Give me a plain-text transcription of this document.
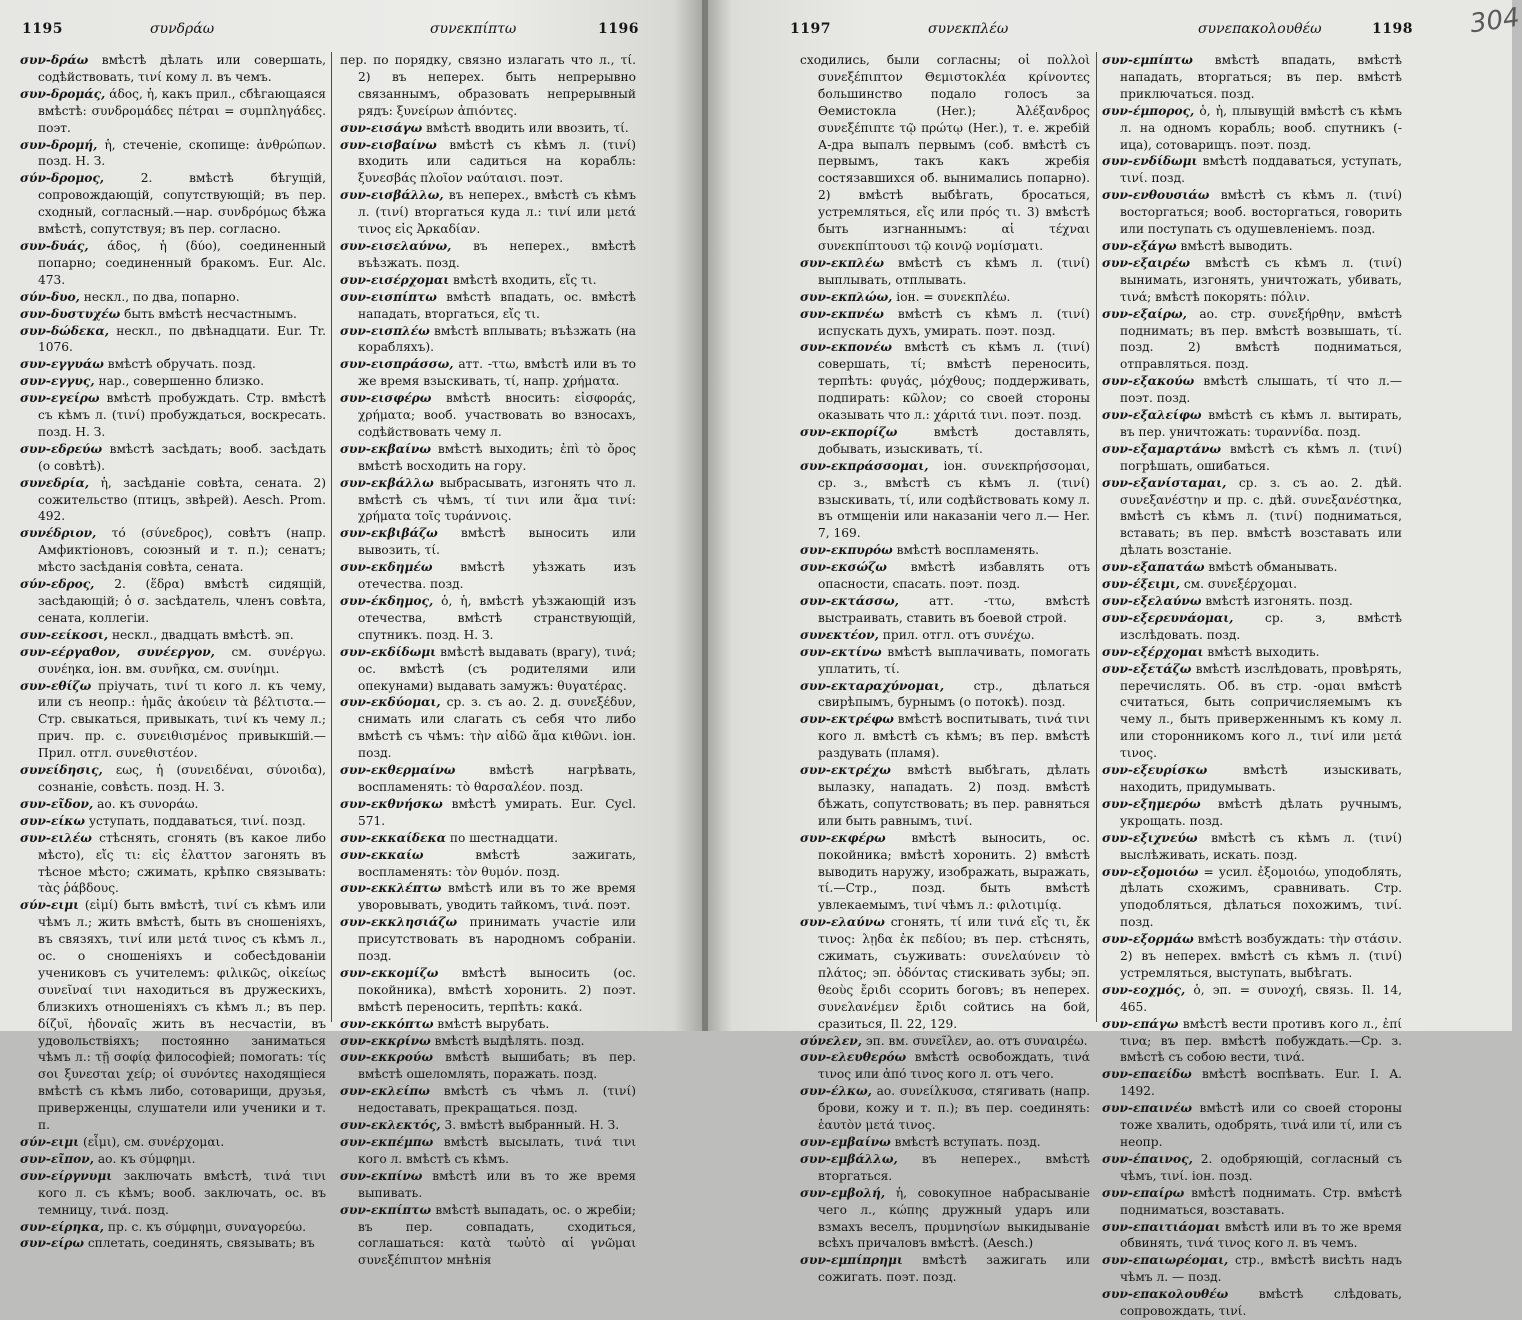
1195	συνδράω	συνεκπίπτω	1196

συν-δράω вмѣстѣ дѣлать или совершать, содѣйствовать, τινί кому л. въ чемъ.

συν-δρομάς, άδος, ἡ, какъ прил., сбѣгающаяся вмѣстѣ: συνδρομάδες πέτραι = συμπληγάδες. поэт.

συν-δρομή, ἡ, стеченіе, скопище: ἀνθρώπων. позд. Н. З.

σύν-δρομος,	2. вмѣстѣ бѣгущій, сопровождающій, сопутствующій; въ пер. сходный, согласный.—нар. συνδρόμως бѣжа вмѣстѣ, сопутствуя; въ пер. согласно.

συν-δυάς, άδος, ἡ (δύο), соединенный попарно; соединенный бракомъ. Eur. Alc. 473.

σύν-δυο, нескл., по два, попарно.

συν-δυστυχέω быть вмѣстѣ несчастнымъ.

συν-δώδεκα, нескл., по двѣнадцати. Eur. Tr. 1076.

συν-εγγυάω вмѣстѣ обручать. позд.

συν-εγγυς, нар., совершенно близко.

συν-εγείρω вмѣстѣ пробуждать. Стр. вмѣстѣ съ кѣмъ л. (τινί) пробуждаться, воскресать. позд. Н. З.

συν-εδρεύω вмѣстѣ засѣдать; вооб. засѣдать (о совѣтѣ).

συνεδρία, ἡ, засѣданіе совѣта, сената. 2) сожительство (птицъ, звѣрей). Aesch. Prom. 492.

συνέδριον, τό (σύνεδρος), совѣтъ (напр. Амфиктіоновъ, союзный и т. п.); сенатъ; мѣсто засѣданія совѣта, сената.

σύν-εδρος, 2. (ἕδρα) вмѣстѣ сидящій, засѣдающій; ὁ σ. засѣдатель, членъ совѣта, сената, коллегіи.

συν-εείκοσι, нескл., двадцать вмѣстѣ. эп.

συν-εέργαθον, συνέεργον, см. συνέργω. συνέηκα, іон. вм. συνῆκα, см. συνίημι.

συν-εθίζω пріучать, τινί τι кого л. къ чему, или съ неопр.: ἡμᾶς ἀκούειν τὰ βέλτιστα.— Стр. свыкаться, привыкать, τινί къ чему л.; прич. пр. с. συνειθισμένος привыкшій.—Прил. отгл. συνεθιστέον.

συνείδησις, εως, ἡ (συνειδέναι, σύνοιδα), сознаніе, совѣсть. позд. Н. З.

συν-εῖδον, ао. къ συνοράω.

συν-είκω уступать, поддаваться, τινί. позд.

συν-ειλέω стѣснять, сгонять (въ какое либо мѣсто), εἴς τι: εἰς ἐλαττον загонять въ тѣсное мѣсто; сжимать, крѣпко связывать: τὰς ῥάβδους.

σύν-ειμι (εἰμί) быть вмѣстѣ, τινί съ кѣмъ или чѣмъ л.; жить вмѣстѣ, быть въ сношеніяхъ, въ связяхъ, τινί или μετά τινος съ кѣмъ л., ос. о сношеніяхъ и собесѣдованіи учениковъ съ учителемъ: φιλικῶς, οἰκείως συνεῖναί τινι находиться въ дружескихъ, близкихъ отношеніяхъ съ кѣмъ л.; въ пер. δίζυϊ, ἡδοναῖς жить въ несчастіи, въ удовольствіяхъ; постоянно заниматься чѣмъ л.: τῇ σοφίᾳ философіей; помогать: τίς σοι ξυνεσται χείρ; οἱ συνόντες находящіеся вмѣстѣ съ кѣмъ либо, сотоварищи, друзья, приверженцы, слушатели или ученики и т. п.

σύν-ειμι (εἶμι), см. συνέρχομαι.

συν-εῖπον, ао. къ σύμφημι.

συν-είργνυμι заключать вмѣстѣ, τινά τινι кого л. съ кѣмъ; вооб. заключать, ос. въ темницу, τινά. позд.

συν-είρηκα, пр. с. къ σύμφημι, συναγορεύω.

συν-είρω сплетать, соединять, связывать; въ

пер. по порядку, связно излагать что л., τί. 2) въ неперех. быть непрерывно связаннымъ, образовать непрерывный рядъ: ξυνείρων ἀπιόντες.

συν-εισάγω вмѣстѣ вводить или ввозить, τί.

συν-εισβαίνω вмѣстѣ съ кѣмъ л. (τινί) входить или садиться на корабль: ξυνεσβάς πλοῖον ναύταισι. поэт.

συν-εισβάλλω, въ неперех., вмѣстѣ съ кѣмъ л. (τινί) вторгаться куда л.: τινί или μετά τινος εἰς Ἀρκαδίαν.

συν-εισελαύνω, въ неперех., вмѣстѣ въѣзжать. позд.

συν-εισέρχομαι вмѣстѣ входить, εἴς τι.

συν-εισπίπτω вмѣстѣ впадать, ос. вмѣстѣ нападать, вторгаться, εἴς τι.

συν-εισπλέω вмѣстѣ вплывать; въѣзжать (на корабляхъ).

συν-εισπράσσω, атт. -ττω, вмѣстѣ или въ то же время взыскивать, τί, напр. χρήματα.

συν-εισφέρω вмѣстѣ вносить: εἰσφοράς, χρήματα; вооб. участвовать во взносахъ, содѣйствовать чему л.

συν-εκβαίνω вмѣстѣ выходить; ἐπὶ τὸ ὄρος вмѣстѣ восходить на гору.

συν-εκβάλλω выбрасывать, изгонять что л. вмѣстѣ съ чѣмъ, τί τινι или ἅμα τινί: χρήματα τοῖς τυράννοις.

συν-εκβιβάζω вмѣстѣ выносить или вывозить, τί.

συν-εκδημέω вмѣстѣ уѣзжать изъ отечества. позд.

συν-έκδημος, ὁ, ἡ, вмѣстѣ уѣзжающій изъ отечества, вмѣстѣ странствующій, спутникъ. позд. Н. З.

συν-εκδίδωμι вмѣстѣ выдавать (врагу), τινά; ос. вмѣстѣ (съ родителями или опекунами) выдавать замужъ: θυγατέρας.

συν-εκδύομαι, ср. з. съ ао. 2. д. συνεξέδυν, снимать или слагать съ себя что либо вмѣстѣ съ чѣмъ: τὴν αἰδῶ ἅμα κιθῶνι. іон. позд.

συν-εκθερμαίνω	вмѣстѣ нагрѣвать, воспламенять: τὸ θαρσαλέον. позд.

συν-εκθνήσκω вмѣстѣ умирать. Eur. Cycl. 571.

συν-εκκαίδεκα по шестнадцати.

συν-εκκαίω	вмѣстѣ зажигать, воспламенять: τὸν θυμόν. позд.

συν-εκκλέπτω вмѣстѣ или въ то же время уворовывать, уводить тайкомъ, τινά. поэт.

συν-εκκλησιάζω принимать участіе или присутствовать въ народномъ собраніи. позд.

συν-εκκομίζω вмѣстѣ выносить (ос. покойника), вмѣстѣ хоронить. 2) поэт. вмѣстѣ переносить, терпѣть: κακά.

συν-εκκόπτω вмѣстѣ вырубать.

συν-εκκρίνω вмѣстѣ выдѣлять. позд.

συν-εκκρούω вмѣстѣ вышибать; въ пер. вмѣстѣ ошеломлять, поражать. позд.

συν-εκλείπω вмѣстѣ съ чѣмъ л. (τινί) недоставать, прекращаться. позд.

συν-εκλεκτός, 3. вмѣстѣ выбранный. Н. З.

συν-εκπέμπω вмѣстѣ высылать, τινά τινι кого л. вмѣстѣ съ кѣмъ.

συν-εκπίνω вмѣстѣ или въ то же время выпивать.

συν-εκπίπτω вмѣстѣ выпадать, ос. о жребіи; въ пер. совпадать, сходиться, соглашаться: κατὰ τωὐτὸ αἱ γνῶμαι συνεξέπιπτον мнѣнія

1197	συνεκπλέω	συνεπακολουθέω	1198

сходились, были согласны; οἱ πολλοὶ συνεξέπιπτον Θεμιστοκλέα κρίνοντες большинство подало голосъ за Ѳемистокла (Her.); Ἀλέξανδρος συνεξέπιπτε τῷ πρώτῳ (Her.), т. е. жребій А-дра выпалъ первымъ (соб. вмѣстѣ съ первымъ, такъ какъ жребія состязавшихся об. вынимались попарно). 2) вмѣстѣ выбѣгать, бросаться, устремляться, εἴς или πρός τι. 3) вмѣстѣ быть изгнаннымъ: αἱ τέχναι συνεκπίπτουσι τῷ κοινῷ νομίσματι.

συν-εκπλέω вмѣстѣ съ кѣмъ л. (τινί) выплывать, отплывать.

συν-εκπλώω, іон. = συνεκπλέω.

συν-εκπνέω вмѣстѣ съ кѣмъ л. (τινί) испускать духъ, умирать. поэт. позд.

συν-εκπονέω вмѣстѣ съ кѣмъ л. (τινί) совершать, τί; вмѣстѣ переносить, терпѣть: φυγάς, μόχθους; поддерживать, подпирать: κῶλον; со своей стороны оказывать что л.: χάριτά τινι. поэт. позд.

συν-εκπορίζω	вмѣстѣ доставлять, добывать, изыскивать, τί.

συν-εκπράσσομαι, іон. συνεκπρήσσομαι, ср. з., вмѣстѣ съ кѣмъ л. (τινί) взыскивать, τί, или содѣйствовать кому л. въ отмщеніи или наказаніи чего л.— Her. 7, 169.

συν-εκπυρόω вмѣстѣ воспламенять.

συν-εκσώζω вмѣстѣ избавлять отъ опасности, спасать. поэт. позд.

συν-εκτάσσω, атт. -ττω, вмѣстѣ выстраивать, ставить въ боевой строй.

συνεκτέον, прил. отгл. отъ συνέχω.

συν-εκτίνω вмѣстѣ выплачивать, помогать уплатить, τί.

συν-εκταραχύνομαι, стр., дѣлаться свирѣпымъ, бурнымъ (о потокѣ). позд.

συν-εκτρέφω вмѣстѣ воспитывать, τινά τινι кого л. вмѣстѣ съ кѣмъ; въ пер. вмѣстѣ раздувать (пламя).

συν-εκτρέχω вмѣстѣ выбѣгать, дѣлать вылазку, нападать. 2) позд. вмѣстѣ бѣжать, сопутствовать; въ пер. равняться или быть равнымъ, τινί.

συν-εκφέρω вмѣстѣ выносить, ос. покойника; вмѣстѣ хоронить. 2) вмѣстѣ выводить наружу, изображать, выражать, τί.—Стр., позд. быть вмѣстѣ увлекаемымъ, τινί чѣмъ л.: φιλοτιμίᾳ.

συν-ελαύνω сгонять, τί или τινά εἴς τι, ἔκ τινος: λῃδα ἐκ πεδίου; въ пер. стѣснять, сжимать, съуживать: συνελαύνειν τὸ πλάτος; эп. ὀδόντας стискивать зубы; эп. θεοὺς ἔριδι ссорить боговъ; въ неперех. συνελανέμεν ἔριδι сойтись на бой, сразиться, Il. 22, 129.

σύνελεν, эп. вм. συνεῖλεν, ао. отъ συναιρέω.

συν-ελευθερόω вмѣстѣ освобождать, τινά τινος или ἀπό τινος кого л. отъ чего.

συν-έλκω, ао. συνείλκυσα, стягивать (напр. брови, кожу и т. п.); въ пер. соединять: ἑαυτὸν μετά τινος.

συν-εμβαίνω вмѣстѣ вступать. позд.

συν-εμβάλλω, въ неперех., вмѣстѣ вторгаться.

συν-εμβολή, ἡ, совокупное набрасываніе чего л., κώπης дружный ударъ или взмахъ веселъ, πρυμνησίων выкидываніе всѣхъ причаловъ вмѣстѣ. (Aesch.)

συν-εμπίπρημι вмѣстѣ зажигать или сожигать. поэт. позд.

συν-εμπίπτω вмѣстѣ впадать, вмѣстѣ нападать, вторгаться; въ пер. вмѣстѣ приключаться. позд.

συν-έμπορος, ὁ, ἡ, плывущій вмѣстѣ съ кѣмъ л. на одномъ корабль; вооб. спутникъ (-ица), сотоварищъ. поэт. позд.

συν-ενδίδωμι вмѣстѣ поддаваться, уступать, τινί. позд.

συν-ενθουσιάω вмѣстѣ съ кѣмъ л. (τινί) восторгаться; вооб. восторгаться, говорить или поступать съ одушевленіемъ. позд.

συν-εξάγω вмѣстѣ выводить.

συν-εξαιρέω вмѣстѣ съ кѣмъ л. (τινί) вынимать, изгонять, уничтожать, убивать, τινά; вмѣстѣ покорять: πόλιν.

συν-εξαίρω, ао. стр. συνεξήρθην, вмѣстѣ поднимать; въ пер. вмѣстѣ возвышать, τί. позд. 2) вмѣстѣ подниматься, отправляться. позд.

συν-εξακούω вмѣстѣ слышать, τί что л.— поэт. позд.

συν-εξαλείφω вмѣстѣ съ кѣмъ л. вытирать, въ пер. уничтожать: τυραννίδα. позд.

συν-εξαμαρτάνω вмѣстѣ съ кѣмъ л. (τινί) погрѣшать, ошибаться.

συν-εξανίσταμαι, ср. з. съ ао. 2. дѣй. συνεξανέστην и пр. с. дѣй. συνεξανέστηκα, вмѣстѣ съ кѣмъ л. (τινί) подниматься, вставать; въ пер. вмѣстѣ возставать или дѣлать возстаніе.

συν-εξαπατάω вмѣстѣ обманывать.

συν-έξειμι, см. συνεξέρχομαι.

συν-εξελαύνω вмѣстѣ изгонять. позд.

συν-εξερευνάομαι,	ср. з, вмѣстѣ изслѣдовать. позд.

συν-εξέρχομαι вмѣстѣ выходить.

συν-εξετάζω вмѣстѣ изслѣдовать, провѣрять, перечислять. Об. въ стр. -ομαι вмѣстѣ считаться, быть сопричисляемымъ къ чему л., быть приверженнымъ къ кому л. или сторонникомъ кого л., τινί или μετά τινος.

συν-εξευρίσκω	вмѣстѣ изыскивать, находить, придумывать.

συν-εξημερόω вмѣстѣ дѣлать ручнымъ, укрощать. позд.

συν-εξιχνεύω вмѣстѣ съ кѣмъ л. (τινί) выслѣживать, искать. позд.

συν-εξομοιόω = усил. ἐξομοιόω, уподоблять, дѣлать схожимъ, сравнивать. Стр. уподобляться, дѣлаться похожимъ, τινί. позд.

συν-εξορμάω вмѣстѣ возбуждать: τὴν στάσιν. 2) въ неперех. вмѣстѣ съ кѣмъ л. (τινί) устремляться, выступать, выбѣгать.

συν-εοχμός, ὁ, эп. = συνοχή, связь. Il. 14, 465.

συν-επάγω вмѣстѣ вести противъ кого л., ἐπί τινα; въ пер. вмѣстѣ побуждать.—Ср. з. вмѣстѣ съ собою вести, τινά.

συν-επαείδω вмѣстѣ воспѣвать. Eur. I. A. 1492.

συν-επαινέω вмѣстѣ или со своей стороны тоже хвалить, одобрять, τινά или τί, или съ неопр.

συν-έπαινος, 2. одобряющій, согласный съ чѣмъ, τινί. іон. позд.

συν-επαίρω вмѣстѣ поднимать. Стр. вмѣстѣ подниматься, возставать.

συν-επαιτιάομαι вмѣстѣ или въ то же время обвинять, τινά τινος кого л. въ чемъ.

συν-επαιωρέομαι, стр., вмѣстѣ висѣть надъ чѣмъ л. — позд.

συν-επακολουθέω	вмѣстѣ слѣдовать, сопровождать, τινί.

304
